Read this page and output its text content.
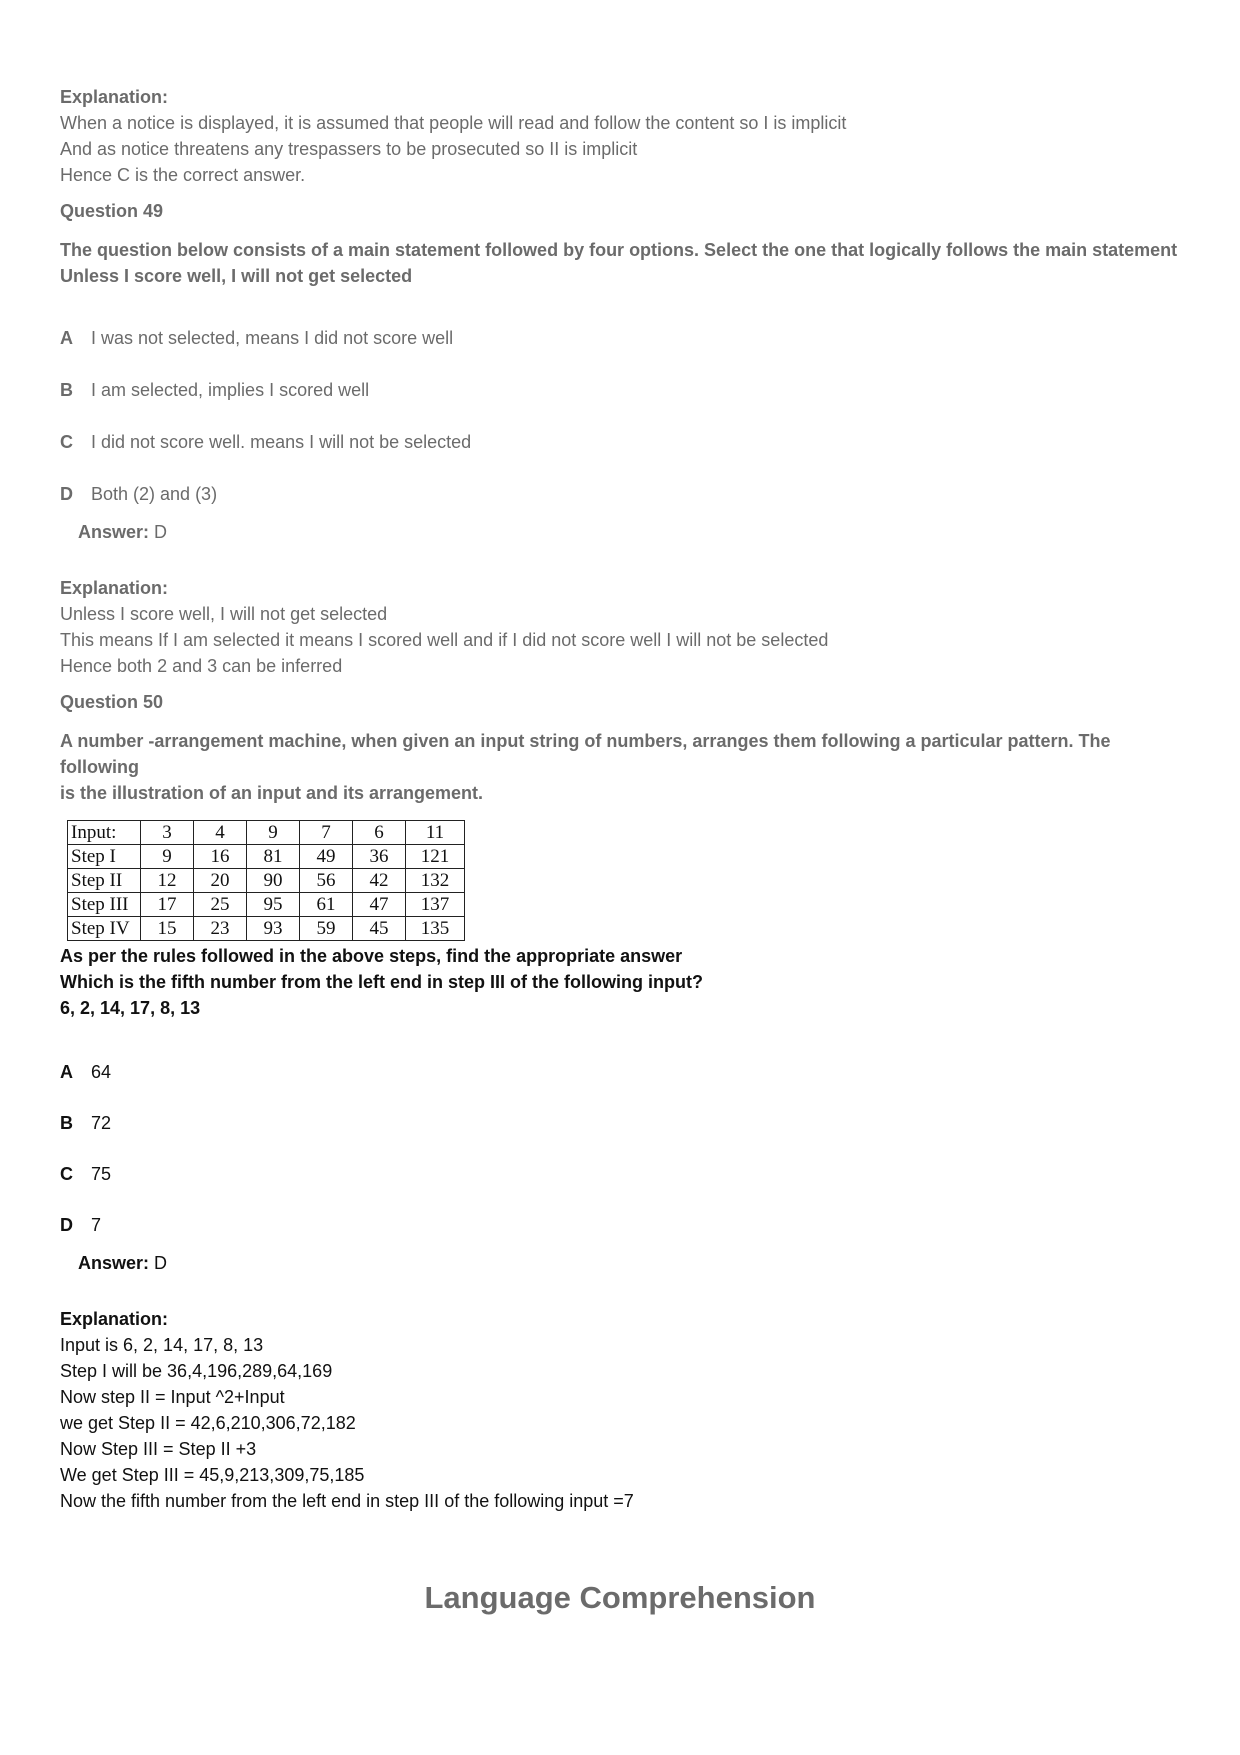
Explanation:
When a notice is displayed, it is assumed that people will read and follow the content so I is implicit
And as notice threatens any trespassers to be prosecuted so II is implicit
Hence C is the correct answer.
Question 49
The question below consists of a main statement followed by four options. Select the one that logically follows the main statement
Unless I score well, I will not get selected
A	I was not selected, means I did not score well
B	I am selected, implies I scored well
C	I did not score well. means I will not be selected
D	Both (2) and (3)
Answer: D
Explanation:
Unless I score well, I will not get selected
This means If I am selected it means I scored well and if I did not score well I will not be selected
Hence both 2 and 3 can be inferred
Question 50
A number -arrangement machine, when given an input string of numbers, arranges them following a particular pattern. The following
is the illustration of an input and its arrangement.
Input:	3	4	9	7	6	11
Step I	9	16	81	49	36	121
Step II	12	20	90	56	42	132
Step III	17	25	95	61	47	137
Step IV	15	23	93	59	45	135
As per the rules followed in the above steps, find the appropriate answer
Which is the fifth number from the left end in step III of the following input?
6, 2, 14, 17, 8, 13
A	64
B	72
C	75
D	7
Answer: D
Explanation:
Input is 6, 2, 14, 17, 8, 13
Step I will be 36,4,196,289,64,169
Now step II = Input ^2+Input
we get Step II = 42,6,210,306,72,182
Now Step III = Step II +3
We get Step III = 45,9,213,309,75,185
Now the fifth number from the left end in step III of the following input =7
Language Comprehension
